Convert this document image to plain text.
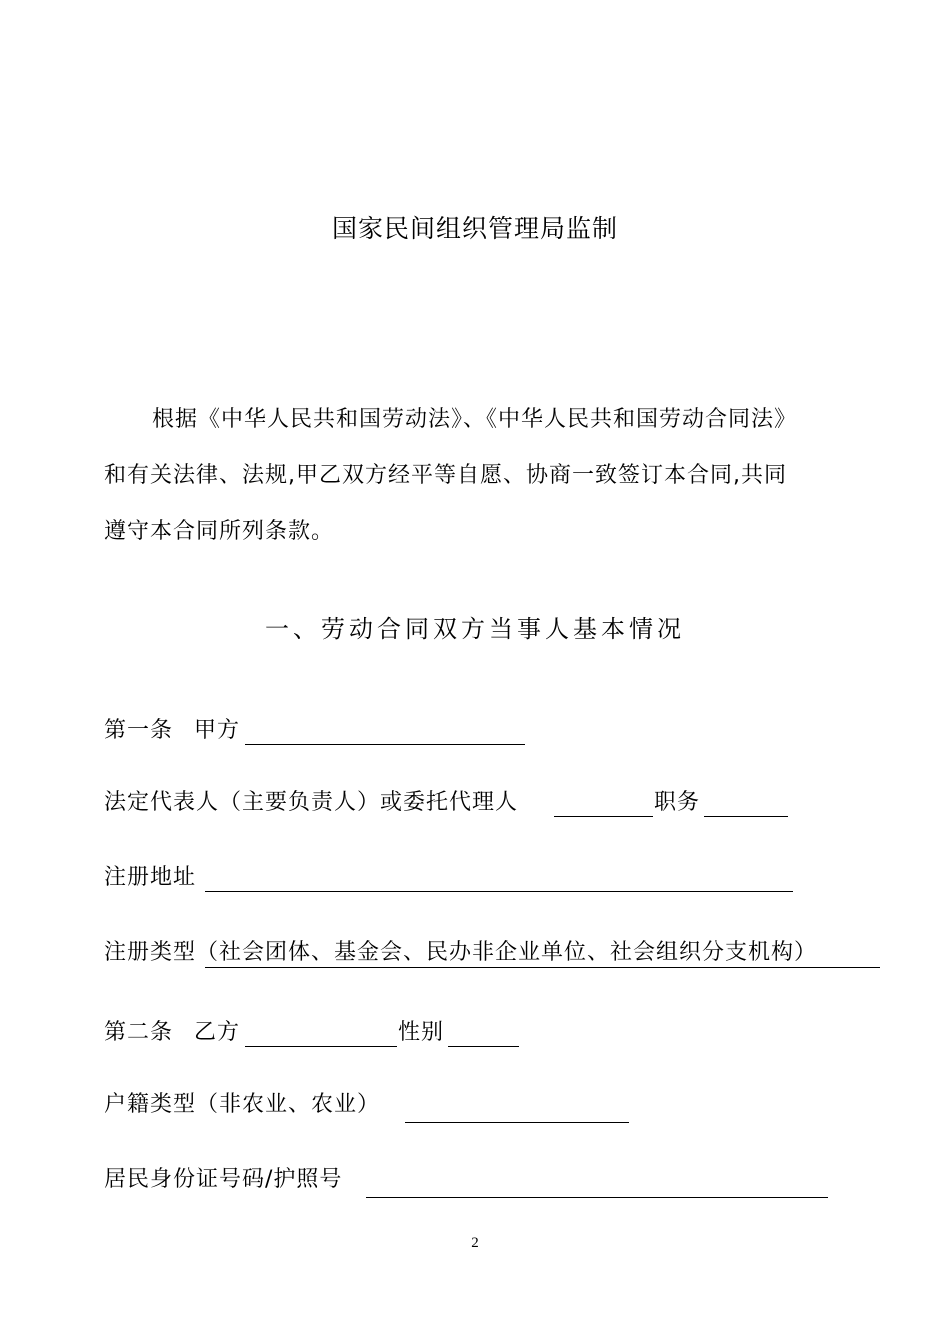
国家民间组织管理局监制
根据《中华人民共和国劳动法》、《中华人民共和国劳动合同法》
和有关法律、法规,甲乙双方经平等自愿、协商一致签订本合同,共同
遵守本合同所列条款。
一、劳动合同双方当事人基本情况
第一条 甲方
法定代表人（主要负责人）或委托代理人	职务
注册地址
注册类型（社会团体、基金会、民办非企业单位、社会组织分支机构）
第二条 乙方	性别
户籍类型（非农业、农业）
居民身份证号码/护照号
2
